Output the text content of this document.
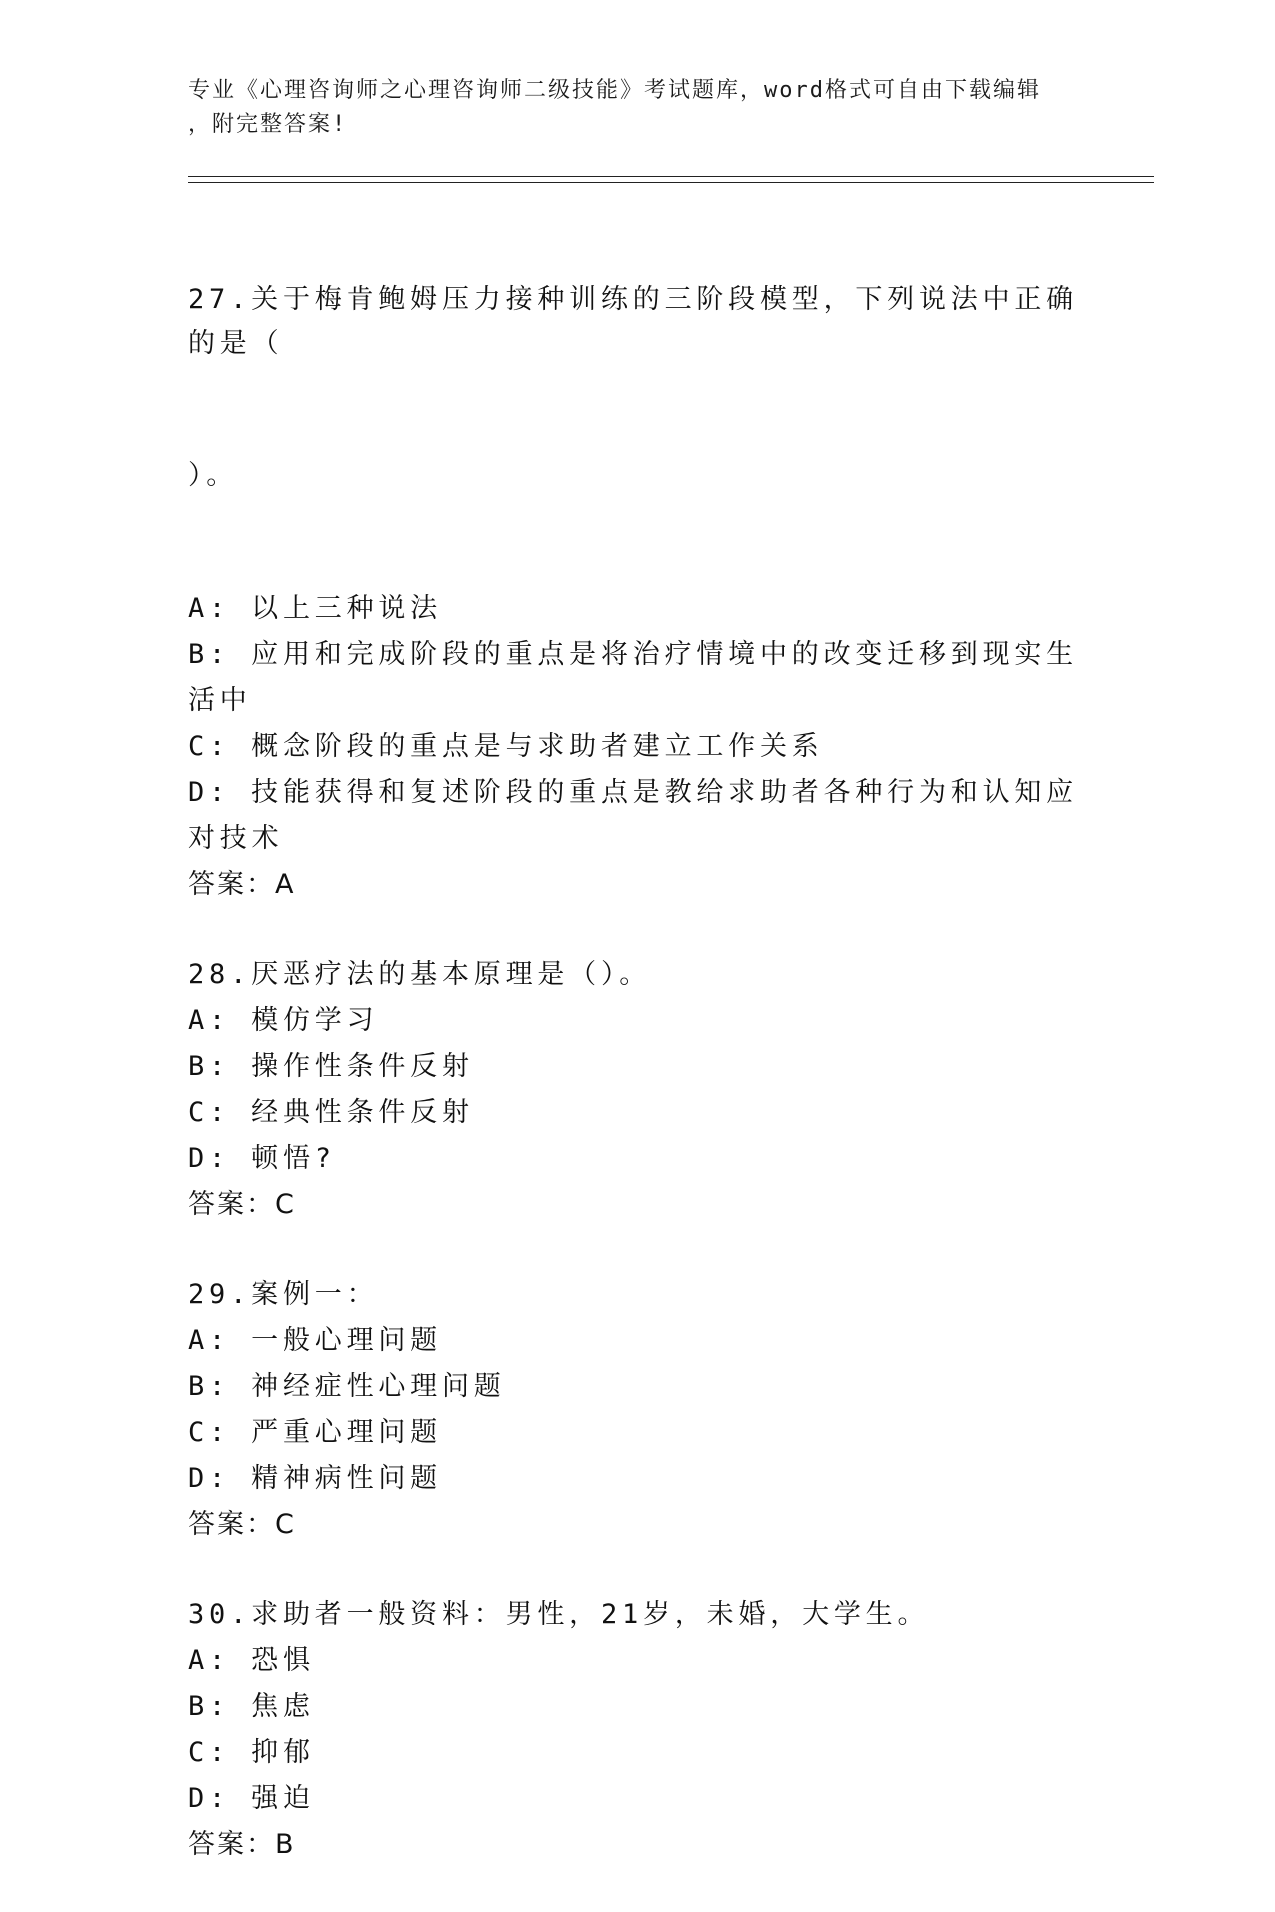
专业《心理咨询师之心理咨询师二级技能》考试题库，word格式可自由下载编辑
，附完整答案!

27.关于梅肯鲍姆压力接种训练的三阶段模型，下列说法中正确的是（

）。

A: 以上三种说法
B: 应用和完成阶段的重点是将治疗情境中的改变迁移到现实生活中
C: 概念阶段的重点是与求助者建立工作关系
D: 技能获得和复述阶段的重点是教给求助者各种行为和认知应对技术
答案：A
28.厌恶疗法的基本原理是（）。
A: 模仿学习
B: 操作性条件反射
C: 经典性条件反射
D: 顿悟?
答案：C
29.案例一：
A: 一般心理问题
B: 神经症性心理问题
C: 严重心理问题
D: 精神病性问题
答案：C
30.求助者一般资料：男性，21岁，未婚，大学生。
A: 恐惧
B: 焦虑
C: 抑郁
D: 强迫
答案：B
